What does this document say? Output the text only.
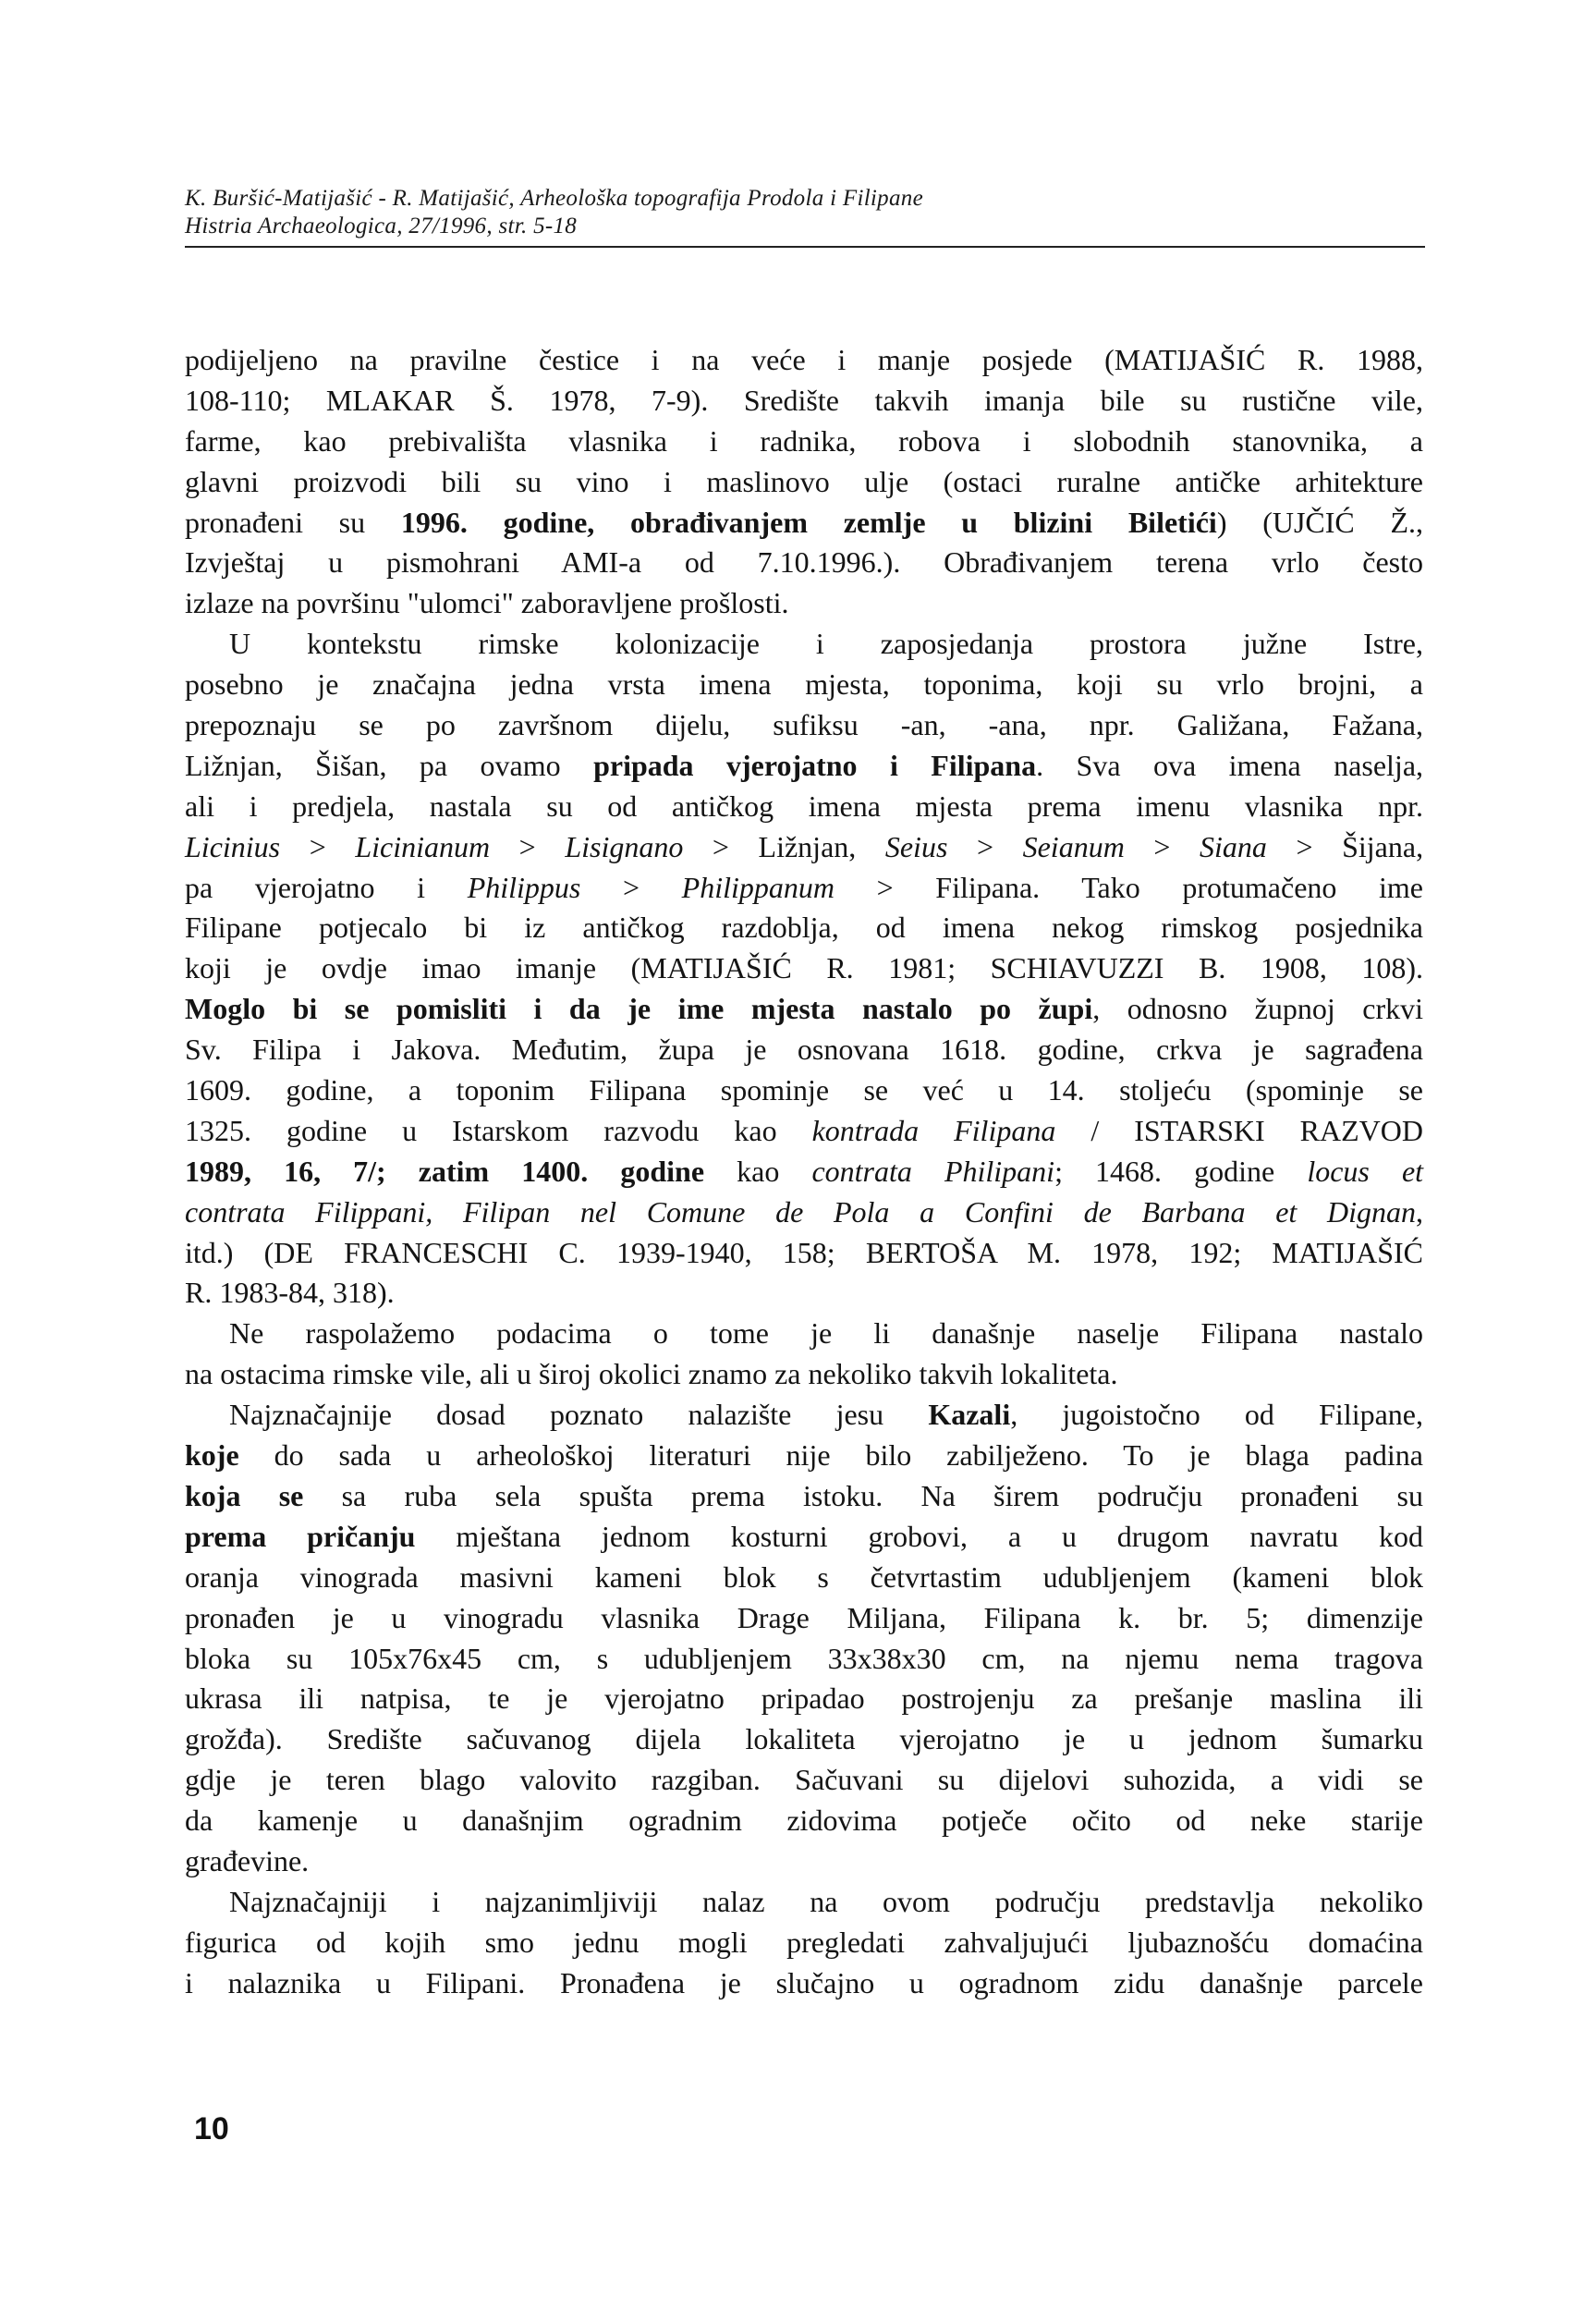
K. Buršić-Matijašić - R. Matijašić, Arheološka topografija Prodola i Filipane
Histria Archaeologica, 27/1996, str. 5-18
podijeljeno na pravilne čestice i na veće i manje posjede (MATIJAŠIĆ R. 1988,
108-110; MLAKAR Š. 1978, 7-9). Središte takvih imanja bile su rustične vile,
farme, kao prebivališta vlasnika i radnika, robova i slobodnih stanovnika, a
glavni proizvodi bili su vino i maslinovo ulje (ostaci ruralne antičke arhitekture
pronađeni su 1996. godine, obrađivanjem zemlje u blizini Biletići) (UJČIĆ Ž.,
Izvještaj u pismohrani AMI-a od 7.10.1996.). Obrađivanjem terena vrlo često
izlaze na površinu "ulomci" zaboravljene prošlosti.
U kontekstu rimske kolonizacije i zaposjedanja prostora južne Istre,
posebno je značajna jedna vrsta imena mjesta, toponima, koji su vrlo brojni, a
prepoznaju se po završnom dijelu, sufiksu -an, -ana, npr. Galižana, Fažana,
Ližnjan, Šišan, pa ovamo pripada vjerojatno i Filipana. Sva ova imena naselja,
ali i predjela, nastala su od antičkog imena mjesta prema imenu vlasnika npr.
Licinius > Licinianum > Lisignano > Ližnjan, Seius > Seianum > Siana > Šijana,
pa vjerojatno i Philippus > Philippanum > Filipana. Tako protumačeno ime
Filipane potjecalo bi iz antičkog razdoblja, od imena nekog rimskog posjednika
koji je ovdje imao imanje (MATIJAŠIĆ R. 1981; SCHIAVUZZI B. 1908, 108).
Moglo bi se pomisliti i da je ime mjesta nastalo po župi, odnosno župnoj crkvi
Sv. Filipa i Jakova. Međutim, župa je osnovana 1618. godine, crkva je sagrađena
1609. godine, a toponim Filipana spominje se već u 14. stoljeću (spominje se
1325. godine u Istarskom razvodu kao kontrada Filipana / ISTARSKI RAZVOD
1989, 16, 7/; zatim 1400. godine kao contrata Philipani; 1468. godine locus et
contrata Filippani, Filipan nel Comune de Pola a Confini de Barbana et Dignan,
itd.) (DE FRANCESCHI C. 1939-1940, 158; BERTOŠA M. 1978, 192; MATIJAŠIĆ
R. 1983-84, 318).
Ne raspolažemo podacima o tome je li današnje naselje Filipana nastalo
na ostacima rimske vile, ali u široj okolici znamo za nekoliko takvih lokaliteta.
Najznačajnije dosad poznato nalazište jesu Kazali, jugoistočno od Filipane,
koje do sada u arheološkoj literaturi nije bilo zabilježeno. To je blaga padina
koja se sa ruba sela spušta prema istoku. Na širem području pronađeni su
prema pričanju mještana jednom kosturni grobovi, a u drugom navratu kod
oranja vinograda masivni kameni blok s četvrtastim udubljenjem (kameni blok
pronađen je u vinogradu vlasnika Drage Miljana, Filipana k. br. 5; dimenzije
bloka su 105x76x45 cm, s udubljenjem 33x38x30 cm, na njemu nema tragova
ukrasa ili natpisa, te je vjerojatno pripadao postrojenju za prešanje maslina ili
grožđa). Središte sačuvanog dijela lokaliteta vjerojatno je u jednom šumarku
gdje je teren blago valovito razgiban. Sačuvani su dijelovi suhozida, a vidi se
da kamenje u današnjim ogradnim zidovima potječe očito od neke starije
građevine.
Najznačajniji i najzanimljiviji nalaz na ovom području predstavlja nekoliko
figurica od kojih smo jednu mogli pregledati zahvaljujući ljubaznošću domaćina
i nalaznika u Filipani. Pronađena je slučajno u ogradnom zidu današnje parcele
10
